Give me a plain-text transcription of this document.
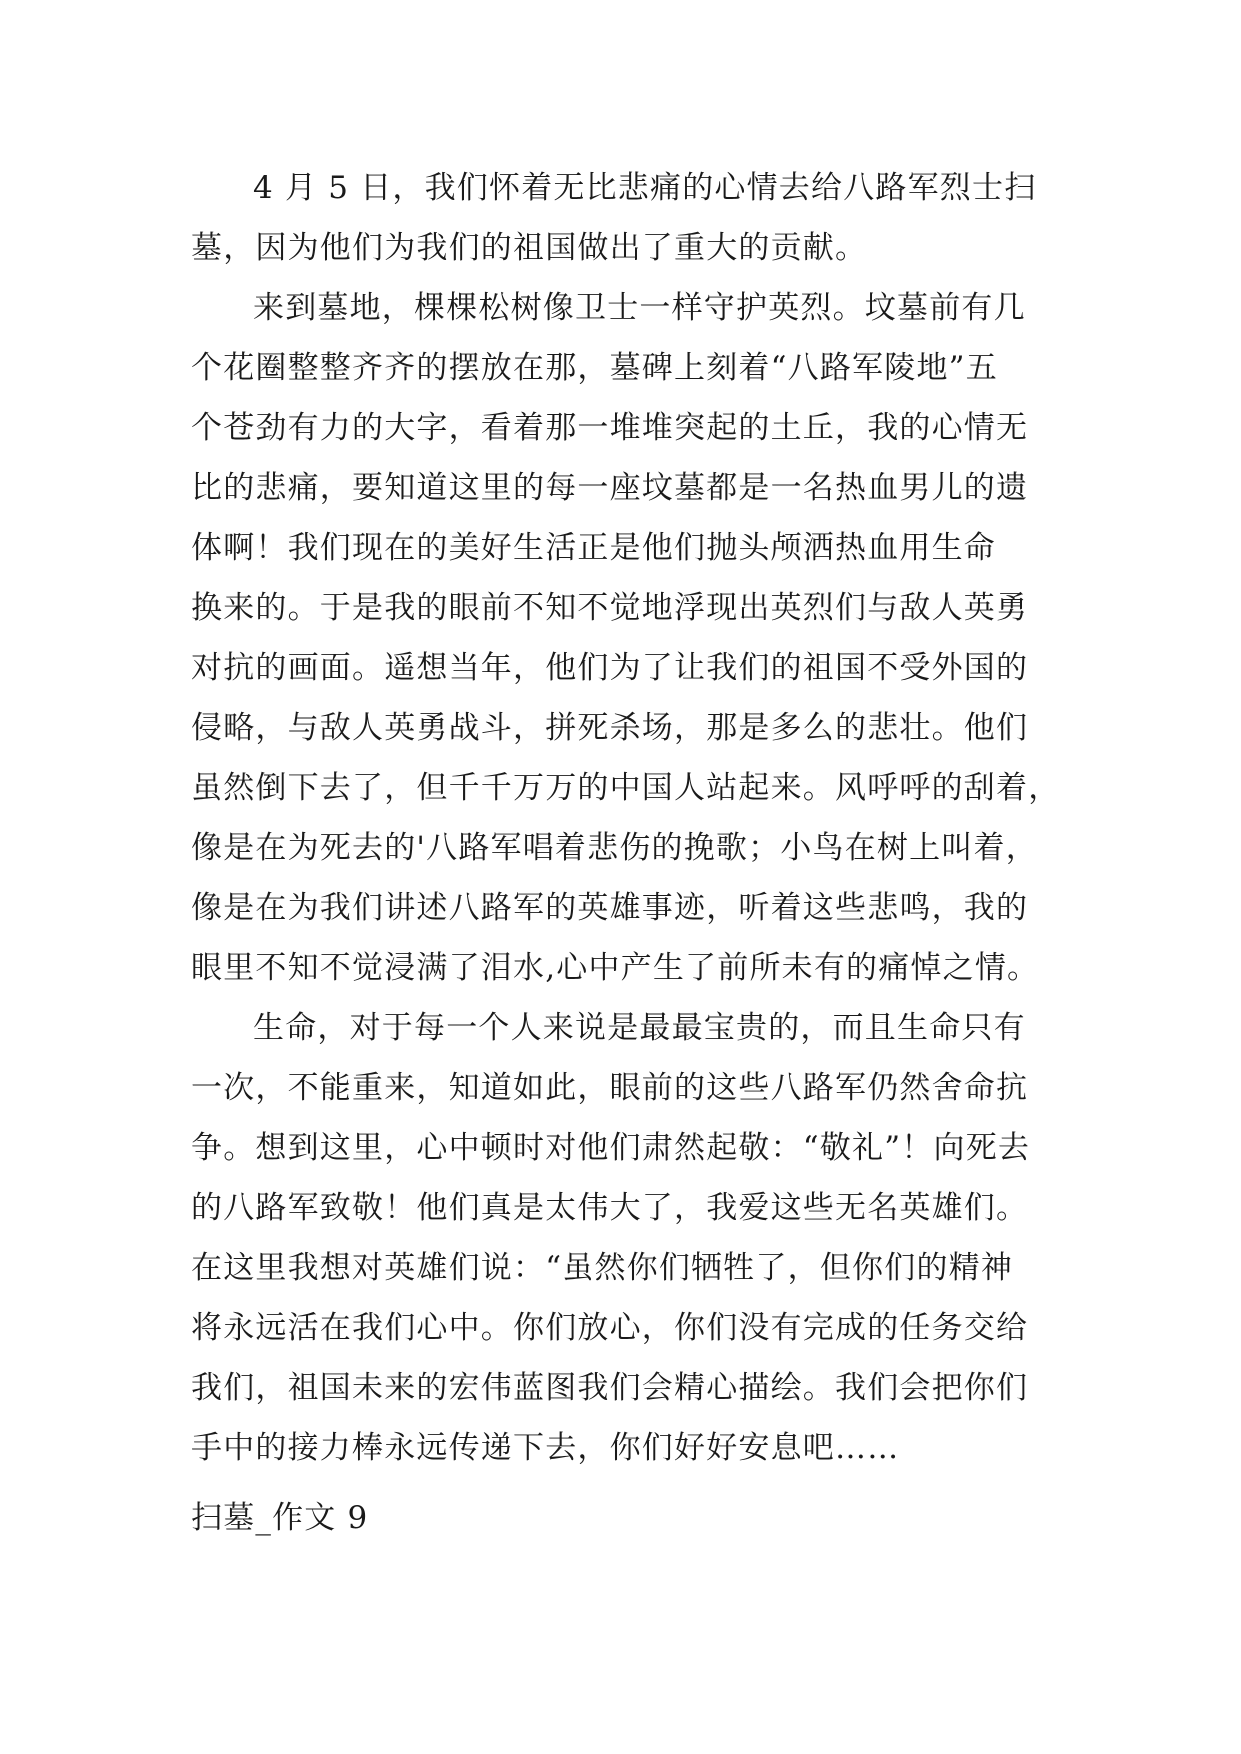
4 月 5 日，我们怀着无比悲痛的心情去给八路军烈士扫
墓，因为他们为我们的祖国做出了重大的贡献。
来到墓地，棵棵松树像卫士一样守护英烈。坟墓前有几
个花圈整整齐齐的摆放在那，墓碑上刻着“八路军陵地”五
个苍劲有力的大字，看着那一堆堆突起的土丘，我的心情无
比的悲痛，要知道这里的每一座坟墓都是一名热血男儿的遗
体啊！我们现在的美好生活正是他们抛头颅洒热血用生命
换来的。于是我的眼前不知不觉地浮现出英烈们与敌人英勇
对抗的画面。遥想当年，他们为了让我们的祖国不受外国的
侵略，与敌人英勇战斗，拼死杀场，那是多么的悲壮。他们
虽然倒下去了，但千千万万的中国人站起来。风呼呼的刮着，
像是在为死去的'八路军唱着悲伤的挽歌；小鸟在树上叫着，
像是在为我们讲述八路军的英雄事迹，听着这些悲鸣，我的
眼里不知不觉浸满了泪水,心中产生了前所未有的痛悼之情。
生命，对于每一个人来说是最最宝贵的，而且生命只有
一次，不能重来，知道如此，眼前的这些八路军仍然舍命抗
争。想到这里，心中顿时对他们肃然起敬：“敬礼”！向死去
的八路军致敬！他们真是太伟大了，我爱这些无名英雄们。
在这里我想对英雄们说：“虽然你们牺牲了，但你们的精神
将永远活在我们心中。你们放心，你们没有完成的任务交给
我们，祖国未来的宏伟蓝图我们会精心描绘。我们会把你们
手中的接力棒永远传递下去，你们好好安息吧……
扫墓_作文 9
